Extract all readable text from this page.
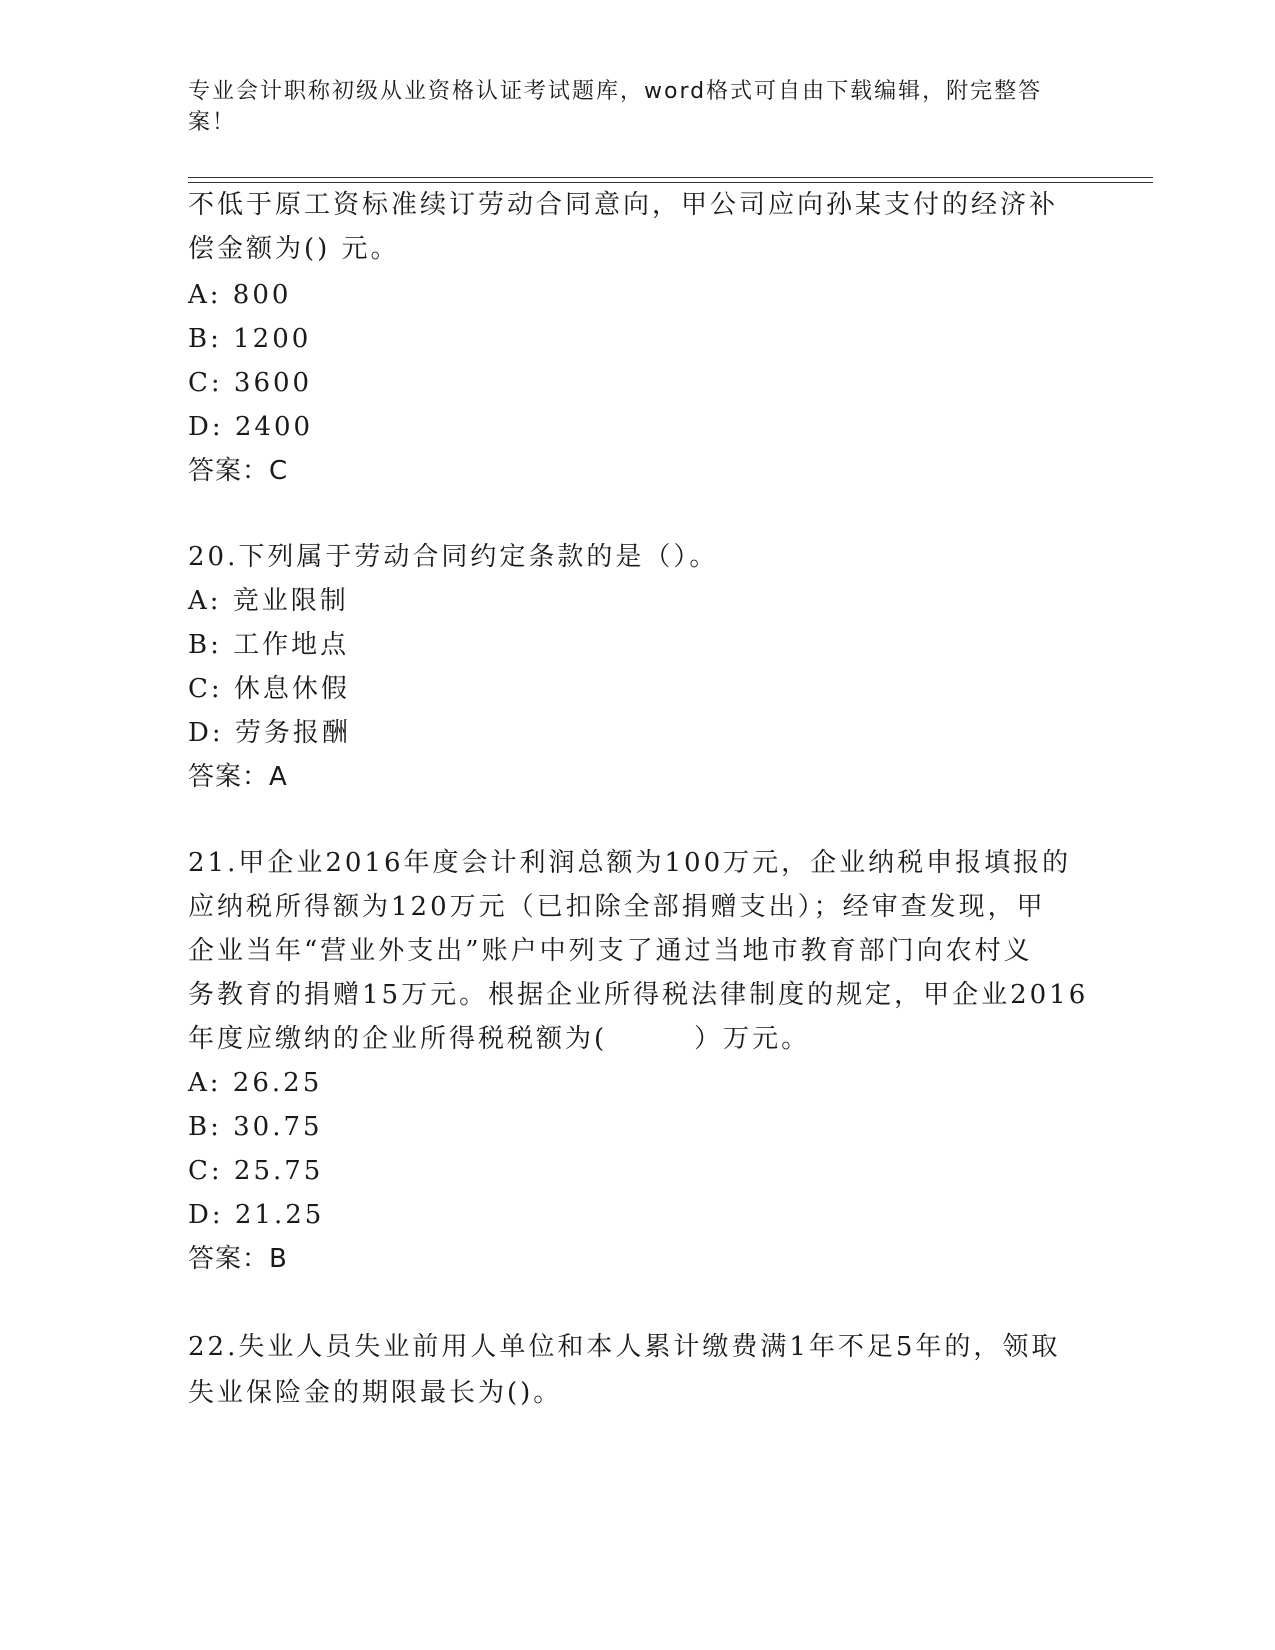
专业会计职称初级从业资格认证考试题库，word格式可自由下载编辑，附完整答案！
不低于原工资标准续订劳动合同意向，甲公司应向孙某支付的经济补
偿金额为() 元。
A: 800
B: 1200
C: 3600
D: 2400
答案：C
20.下列属于劳动合同约定条款的是（）。
A: 竞业限制
B: 工作地点
C: 休息休假
D: 劳务报酬
答案：A
21.甲企业2016年度会计利润总额为100万元，企业纳税申报填报的
应纳税所得额为120万元（已扣除全部捐赠支出）；经审查发现，甲
企业当年“营业外支出”账户中列支了通过当地市教育部门向农村义
务教育的捐赠15万元。根据企业所得税法律制度的规定，甲企业2016
年度应缴纳的企业所得税税额为(　　　）万元。
A: 26.25
B: 30.75
C: 25.75
D: 21.25
答案：B
22.失业人员失业前用人单位和本人累计缴费满1年不足5年的，领取
失业保险金的期限最长为()。
